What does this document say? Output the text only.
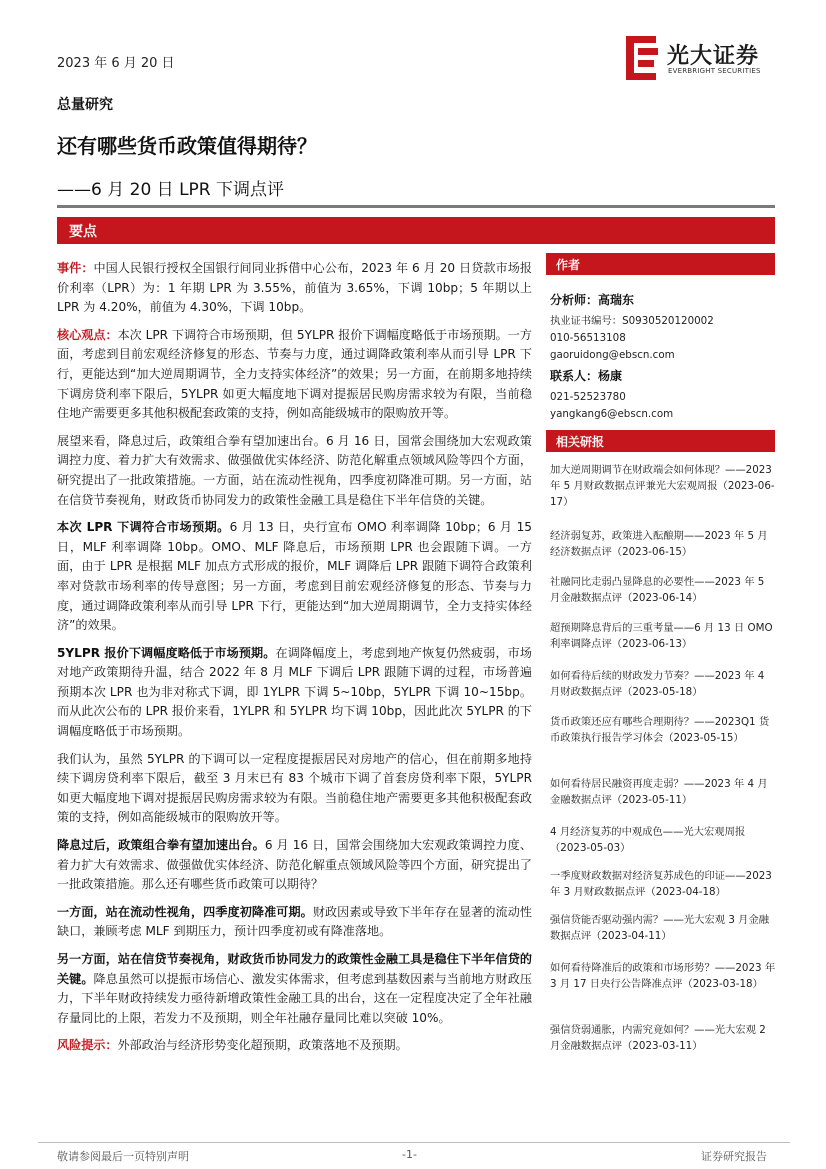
2023 年 6 月 20 日	光大证券
EVERBRIGHT SECURITIES
总量研究
还有哪些货币政策值得期待？
——6 月 20 日 LPR 下调点评
要点

事件：中国人民银行授权全国银行间同业拆借中心公布，2023 年 6 月 20 日贷款市场报价利率（LPR）为：1 年期 LPR 为 3.55%，前值为 3.65%，下调 10bp；5 年期以上 LPR 为 4.20%，前值为 4.30%，下调 10bp。

核心观点：本次 LPR 下调符合市场预期，但 5YLPR 报价下调幅度略低于市场预期。一方面，考虑到目前宏观经济修复的形态、节奏与力度，通过调降政策利率从而引导 LPR 下行，更能达到“加大逆周期调节，全力支持实体经济”的效果；另一方面，在前期多地持续下调房贷利率下限后，5YLPR 如更大幅度地下调对提振居民购房需求较为有限，当前稳住地产需要更多其他积极配套政策的支持，例如高能级城市的限购放开等。

展望来看，降息过后，政策组合拳有望加速出台。6 月 16 日，国常会围绕加大宏观政策调控力度、着力扩大有效需求、做强做优实体经济、防范化解重点领域风险等四个方面，研究提出了一批政策措施。一方面，站在流动性视角，四季度初降准可期。另一方面，站在信贷节奏视角，财政货币协同发力的政策性金融工具是稳住下半年信贷的关键。

本次 LPR 下调符合市场预期。6 月 13 日，央行宣布 OMO 利率调降 10bp；6 月 15 日，MLF 利率调降 10bp。OMO、MLF 降息后，市场预期 LPR 也会跟随下调。一方面，由于 LPR 是根据 MLF 加点方式形成的报价，MLF 调降后 LPR 跟随下调符合政策利率对贷款市场利率的传导意图；另一方面，考虑到目前宏观经济修复的形态、节奏与力度，通过调降政策利率从而引导 LPR 下行，更能达到“加大逆周期调节，全力支持实体经济”的效果。

5YLPR 报价下调幅度略低于市场预期。在调降幅度上，考虑到地产恢复仍然疲弱，市场对地产政策期待升温，结合 2022 年 8 月 MLF 下调后 LPR 跟随下调的过程，市场普遍预期本次 LPR 也为非对称式下调，即 1YLPR 下调 5~10bp，5YLPR 下调 10~15bp。而从此次公布的 LPR 报价来看，1YLPR 和 5YLPR 均下调 10bp，因此此次 5YLPR 的下调幅度略低于市场预期。

我们认为，虽然 5YLPR 的下调可以一定程度提振居民对房地产的信心，但在前期多地持续下调房贷利率下限后，截至 3 月末已有 83 个城市下调了首套房贷利率下限，5YLPR 如更大幅度地下调对提振居民购房需求较为有限。当前稳住地产需要更多其他积极配套政策的支持，例如高能级城市的限购放开等。

降息过后，政策组合拳有望加速出台。6 月 16 日，国常会围绕加大宏观政策调控力度、着力扩大有效需求、做强做优实体经济、防范化解重点领域风险等四个方面，研究提出了一批政策措施。那么还有哪些货币政策可以期待？

一方面，站在流动性视角，四季度初降准可期。财政因素或导致下半年存在显著的流动性缺口，兼顾考虑 MLF 到期压力，预计四季度初或有降准落地。

另一方面，站在信贷节奏视角，财政货币协同发力的政策性金融工具是稳住下半年信贷的关键。降息虽然可以提振市场信心、激发实体需求，但考虑到基数因素与当前地方财政压力，下半年财政持续发力亟待新增政策性金融工具的出台，这在一定程度决定了全年社融存量同比的上限，若发力不及预期，则全年社融存量同比难以突破 10%。

风险提示：外部政治与经济形势变化超预期，政策落地不及预期。

作者
分析师：高瑞东
执业证书编号：S0930520120002
010-56513108
gaoruidong@ebscn.com
联系人：杨康
021-52523780
yangkang6@ebscn.com
相关研报
加大逆周期调节在财政端会如何体现？——2023 年 5 月财政数据点评兼光大宏观周报（2023-06-17）
经济弱复苏，政策进入酝酿期——2023 年 5 月经济数据点评（2023-06-15）
社融同比走弱凸显降息的必要性——2023 年 5 月金融数据点评（2023-06-14）
超预期降息背后的三重考量——6 月 13 日 OMO 利率调降点评（2023-06-13）
如何看待后续的财政发力节奏？——2023 年 4 月财政数据点评（2023-05-18）
货币政策还应有哪些合理期待？——2023Q1 货币政策执行报告学习体会（2023-05-15）
如何看待居民融资再度走弱？——2023 年 4 月金融数据点评（2023-05-11）
4 月经济复苏的中观成色——光大宏观周报（2023-05-03）
一季度财政数据对经济复苏成色的印证——2023 年 3 月财政数据点评（2023-04-18）
强信贷能否驱动强内需？——光大宏观 3 月金融数据点评（2023-04-11）
如何看待降准后的政策和市场形势？——2023 年 3 月 17 日央行公告降准点评（2023-03-18）
强信贷弱通胀，内需究竟如何？——光大宏观 2 月金融数据点评（2023-03-11）
敬请参阅最后一页特别声明	-1-	证券研究报告
